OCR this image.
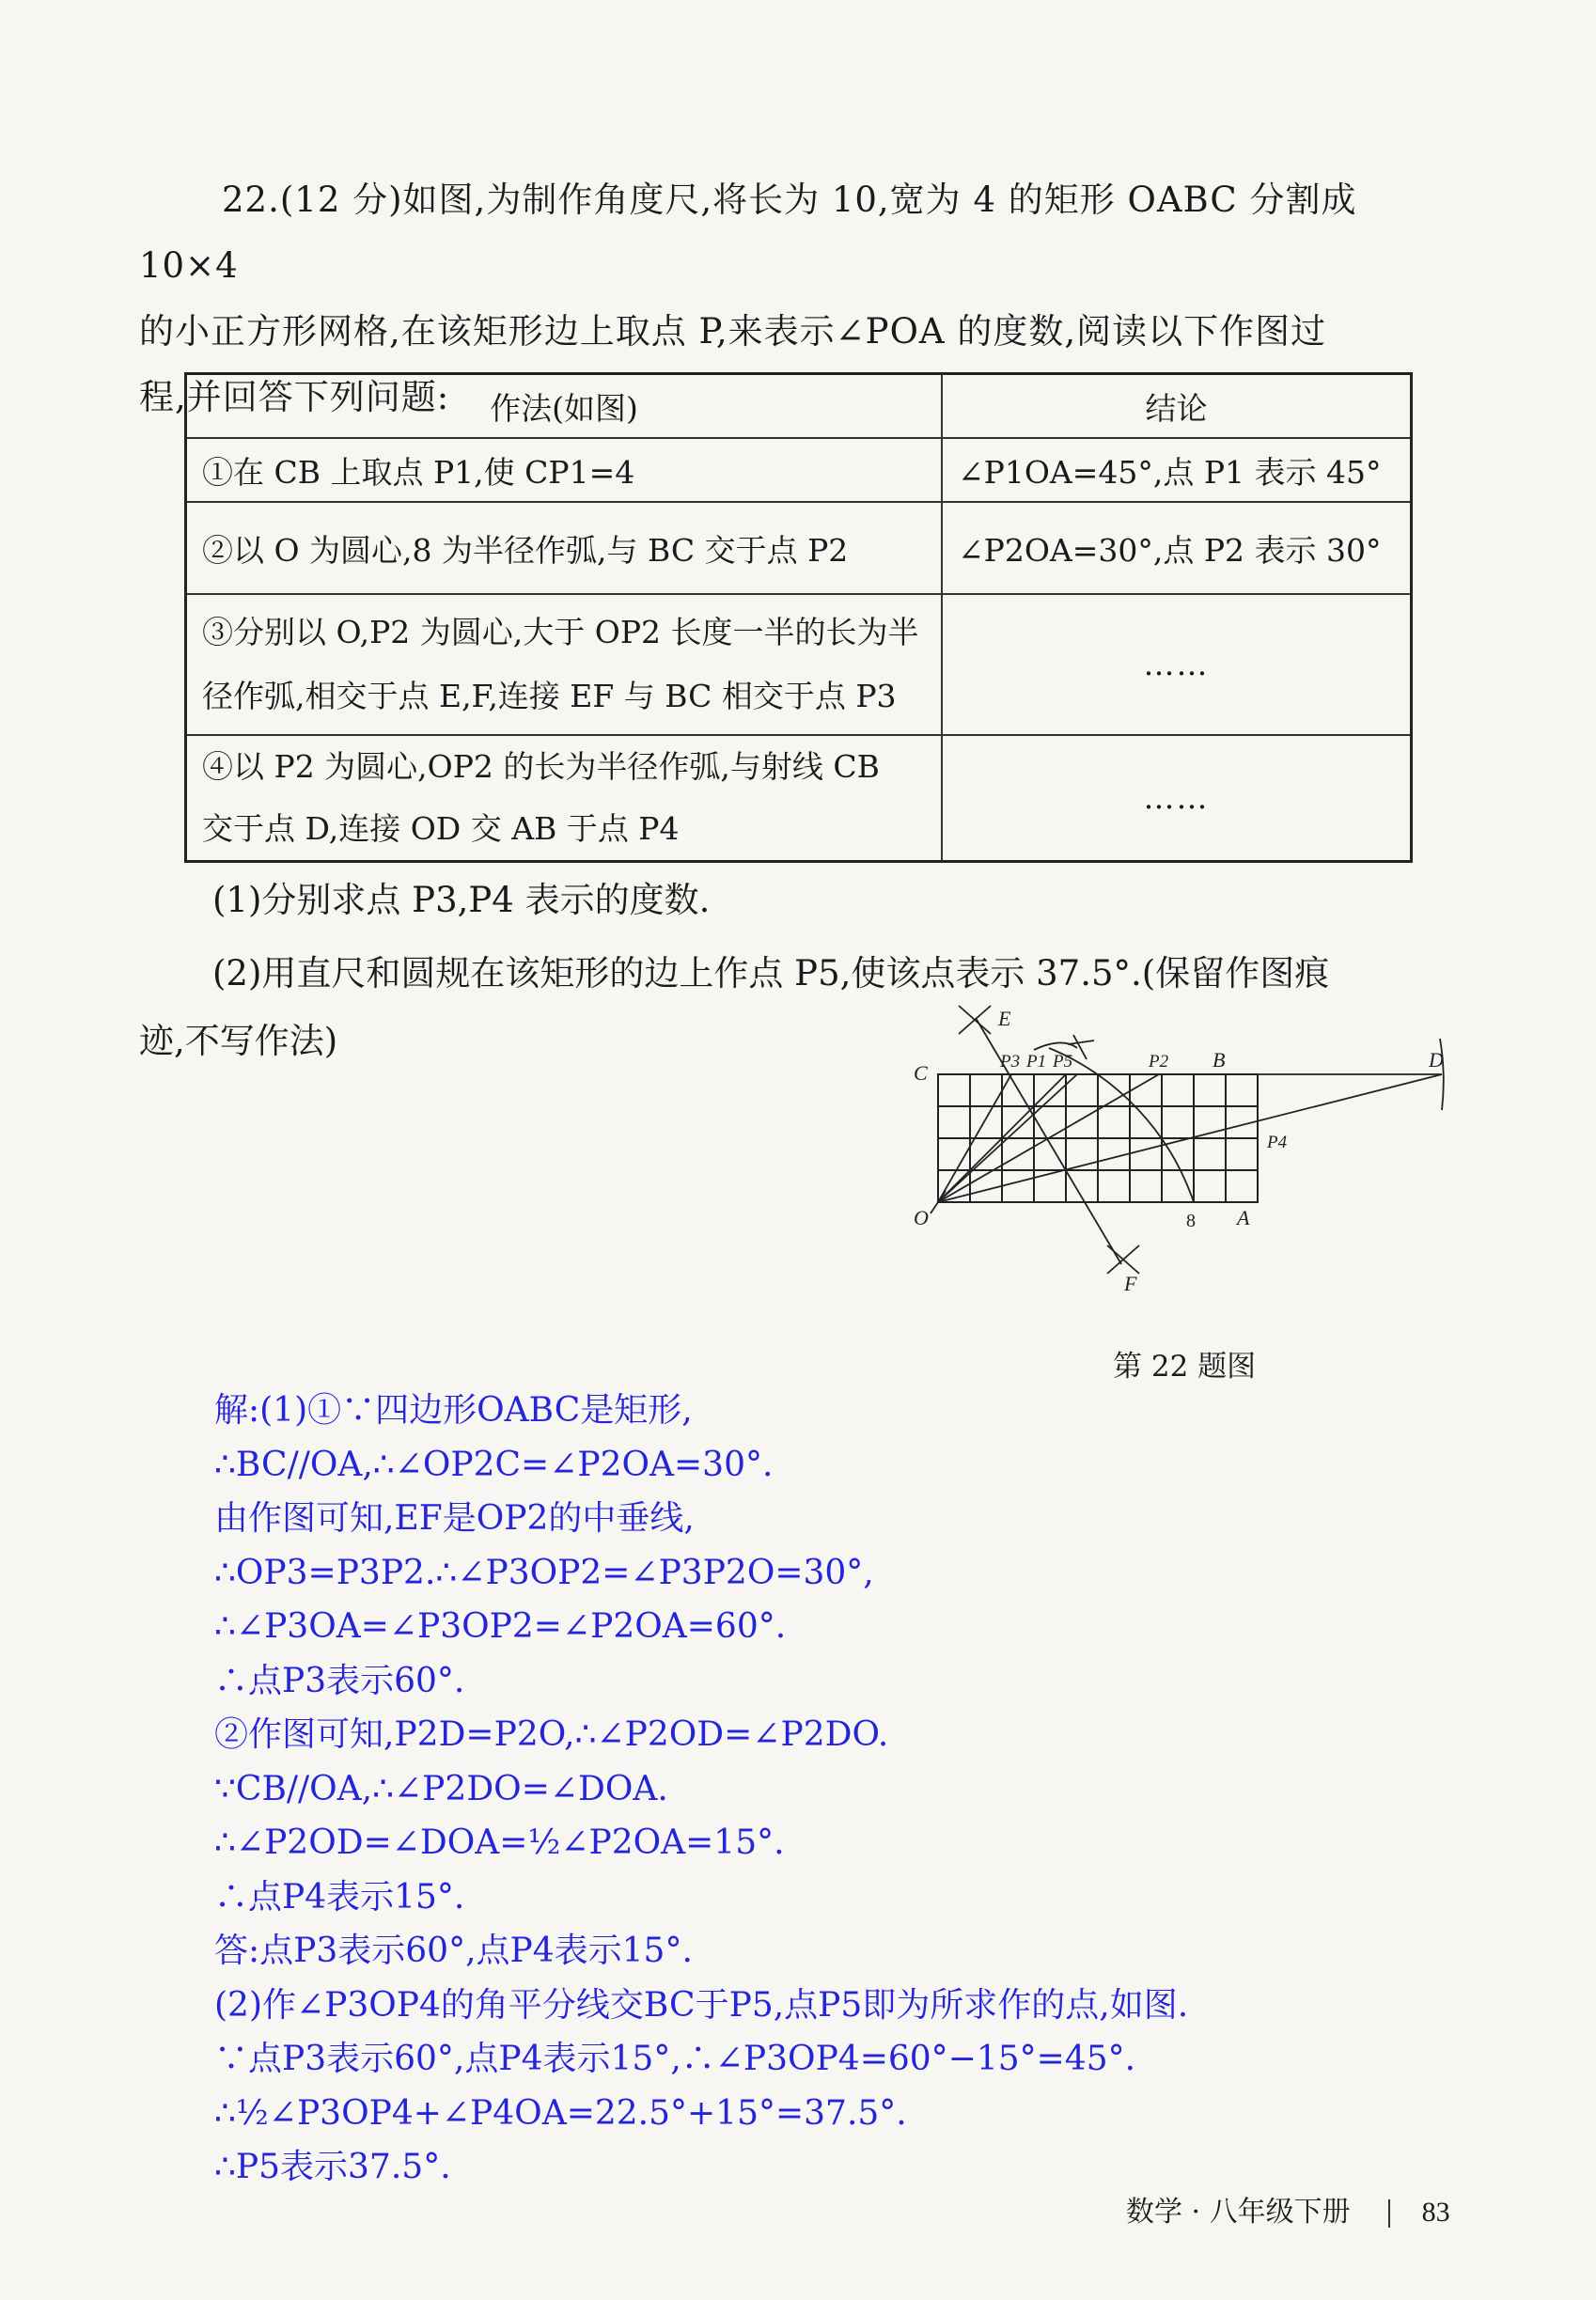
22.(12 分)如图,为制作角度尺,将长为 10,宽为 4 的矩形 OABC 分割成 10×4

的小正方形网格,在该矩形边上取点 P,来表示∠POA 的度数,阅读以下作图过

程,并回答下列问题:	作法(如图)	结论
①在 CB 上取点 P1,使 CP1=4	∠P1OA=45°,点 P1 表示 45°
②以 O 为圆心,8 为半径作弧,与 BC 交于点 P2	∠P2OA=30°,点 P2 表示 30°

③分别以 O,P2 为圆心,大于 OP2 长度一半的长为半
径作弧,相交于点 E,F,连接 EF 与 BC 相交于点 P3	……

④以 P2 为圆心,OP2 的长为半径作弧,与射线 CB
交于点 D,连接 OD 交 AB 于点 P4	……
(1)分别求点 P3,P4 表示的度数.

(2)用直尺和圆规在该矩形的边上作点 P5,使该点表示 37.5°.(保留作图痕

迹,不写作法)

E
F
C
B	D
O	A
P3 P1 P5	P2
P4
8
第 22 题图
解:(1)①∵四边形OABC是矩形,
∴BC//OA,∴∠OP2C=∠P2OA=30°.
由作图可知,EF是OP2的中垂线,
∴OP3=P3P2.∴∠P3OP2=∠P3P2O=30°,
∴∠P3OA=∠P3OP2=∠P2OA=60°.
∴点P3表示60°.
②作图可知,P2D=P2O,∴∠P2OD=∠P2DO.
∵CB//OA,∴∠P2DO=∠DOA.
∴∠P2OD=∠DOA=½∠P2OA=15°.
∴点P4表示15°.
答:点P3表示60°,点P4表示15°.
(2)作∠P3OP4的角平分线交BC于P5,点P5即为所求作的点,如图.
∵点P3表示60°,点P4表示15°,∴∠P3OP4=60°−15°=45°.
∴½∠P3OP4+∠P4OA=22.5°+15°=37.5°.
∴P5表示37.5°.
数学 · 八年级下册	83
